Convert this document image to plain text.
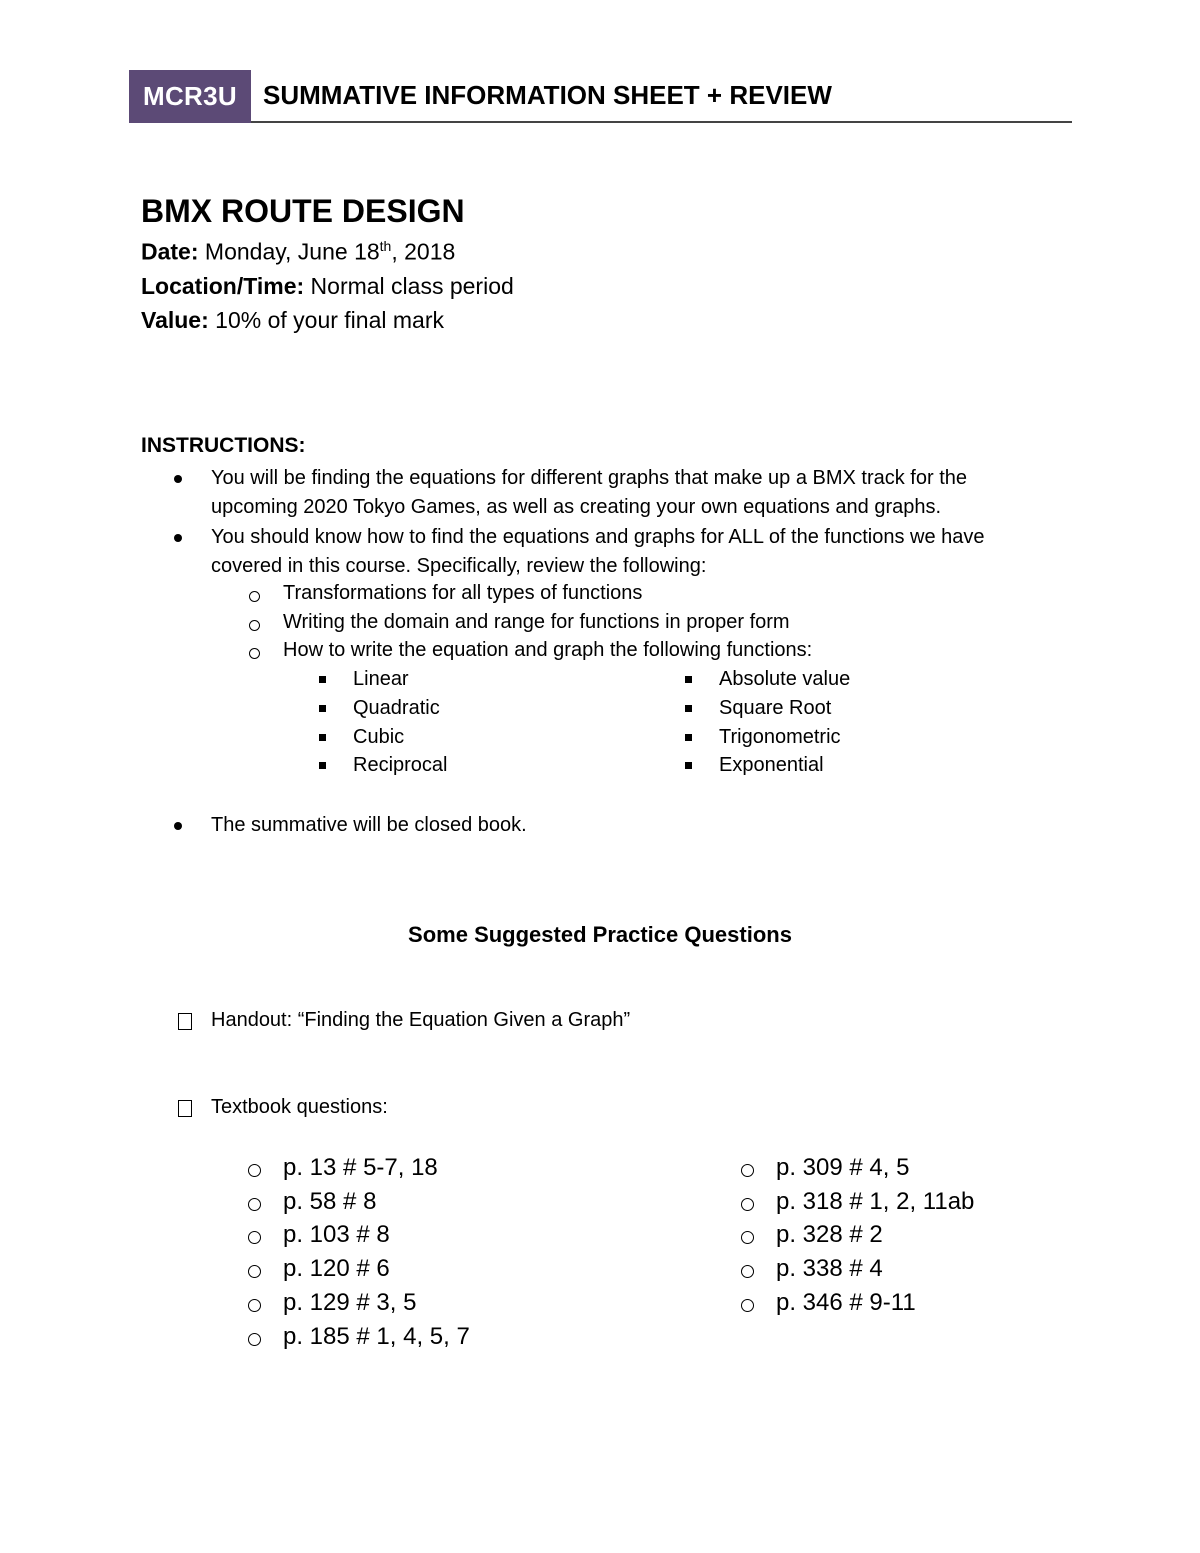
MCR3U	SUMMATIVE INFORMATION SHEET + REVIEW
BMX ROUTE DESIGN
Date: Monday, June 18th, 2018
Location/Time: Normal class period
Value: 10% of your final mark
INSTRUCTIONS:
You will be finding the equations for different graphs that make up a BMX track for the
upcoming 2020 Tokyo Games, as well as creating your own equations and graphs.
You should know how to find the equations and graphs for ALL of the functions we have
covered in this course. Specifically, review the following:
Transformations for all types of functions
Writing the domain and range for functions in proper form
How to write the equation and graph the following functions:
Linear
Quadratic
Cubic
Reciprocal
Absolute value
Square Root
Trigonometric
Exponential
The summative will be closed book.
Some Suggested Practice Questions
Handout: “Finding the Equation Given a Graph”
Textbook questions:
p. 13 # 5-7, 18
p. 58 # 8
p. 103 # 8
p. 120 # 6
p. 129 # 3, 5
p. 185 # 1, 4, 5, 7
p. 309 # 4, 5
p. 318 # 1, 2, 11ab
p. 328 # 2
p. 338 # 4
p. 346 # 9-11
